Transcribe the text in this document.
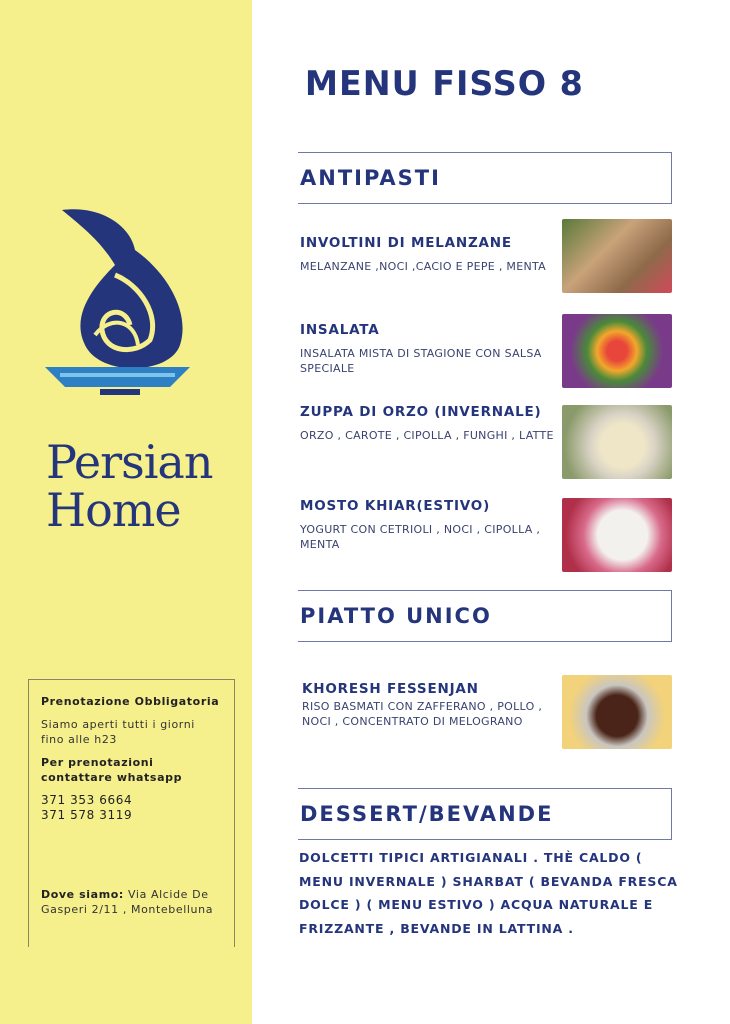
Persian
Home

Prenotazione Obbligatoria

Siamo aperti tutti i giorni fino alle h23

Per prenotazioni contattare whatsapp

371 353 6664
371 578 3119

Dove siamo: Via Alcide De Gasperi 2/11 , Montebelluna

MENU FISSO 8
ANTIPASTI
INVOLTINI DI MELANZANE

MELANZANE ,NOCI ,CACIO E PEPE , MENTA

INSALATA

INSALATA MISTA DI STAGIONE CON SALSA SPECIALE

ZUPPA DI ORZO (INVERNALE)

ORZO , CAROTE , CIPOLLA , FUNGHI , LATTE

MOSTO KHIAR(ESTIVO)

YOGURT CON CETRIOLI , NOCI , CIPOLLA , MENTA

PIATTO UNICO
KHORESH FESSENJAN

RISO BASMATI CON ZAFFERANO , POLLO , NOCI , CONCENTRATO DI MELOGRANO

DESSERT/BEVANDE
DOLCETTI TIPICI ARTIGIANALI . THÈ CALDO ( MENU INVERNALE ) SHARBAT ( BEVANDA FRESCA DOLCE ) ( MENU ESTIVO ) ACQUA NATURALE E FRIZZANTE , BEVANDE IN LATTINA .
